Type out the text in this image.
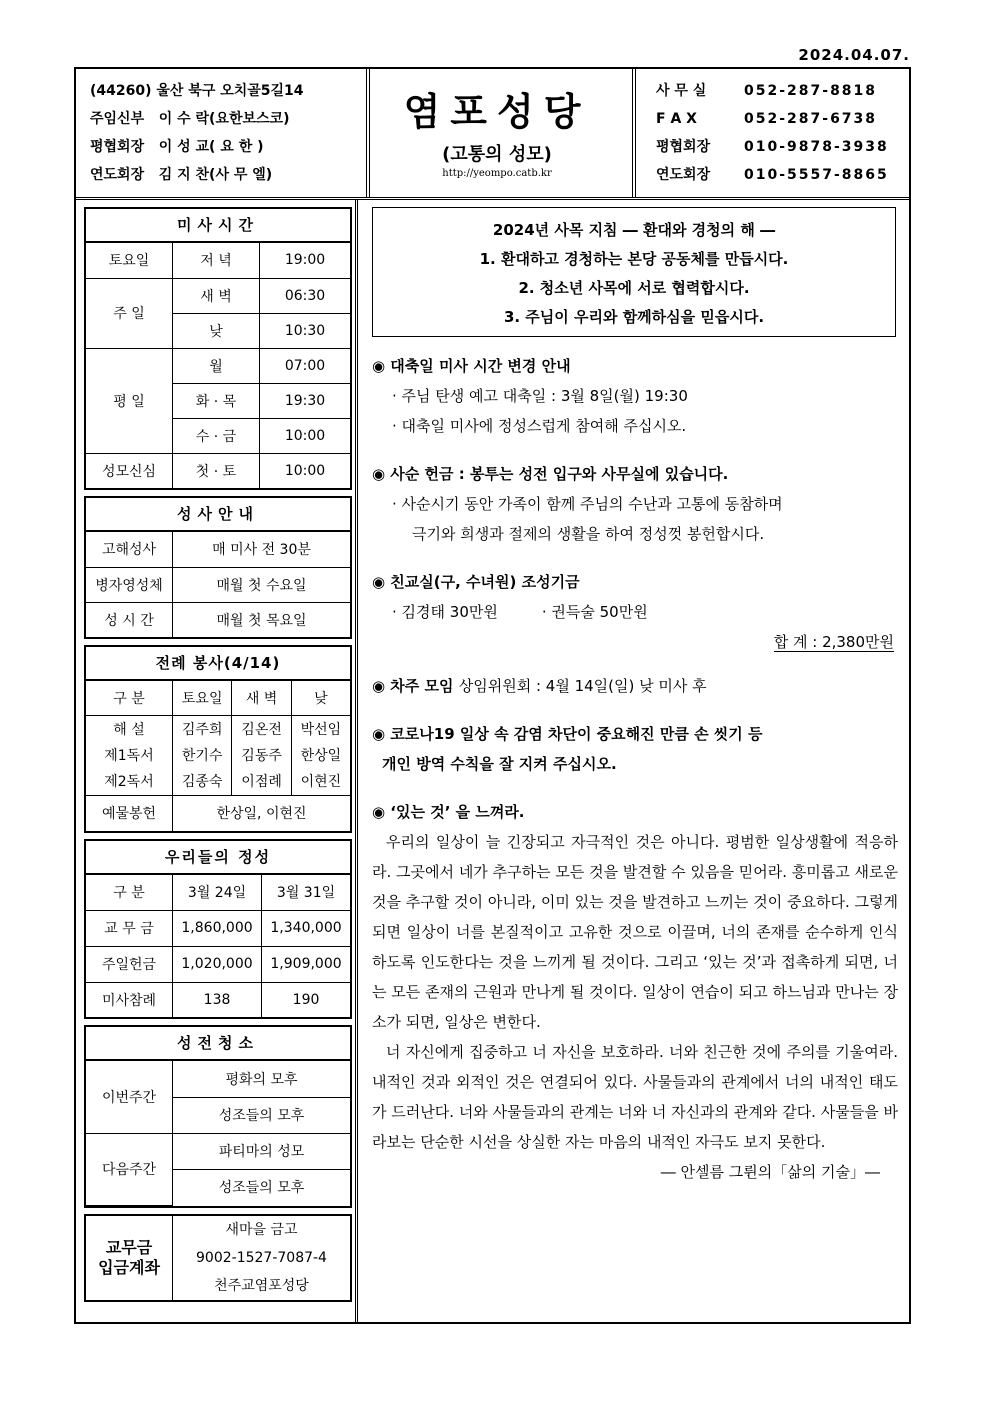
2024.04.07.
(44260) 울산 북구 오치골5길14
주임신부 이 수 락(요한보스코)
평협회장 이 성 교( 요 한 )
연도회장 김 지 찬(사 무 엘)
염포성당
(고통의 성모)
http://yeompo.catb.kr
사 무 실	052-287-8818
F A X	052-287-6738
평협회장 010-9878-3938
연도회장 010-5557-8865
미사시간
토요일	저 녁	19:00
주 일	새 벽	06:30
	낮	10:30
평 일	월	07:00
	화 · 목	19:30
	수 · 금	10:00
성모신심	첫 · 토	10:00
성사안내
고해성사	매 미사 전 30분
병자영성체	매월 첫 수요일
성 시 간	매월 첫 목요일
전례 봉사(4/14)
구 분	토요일	새 벽	낮
해 설	김주희	김온전	박선임
제1독서	한기수	김동주	한상일
제2독서	김종숙	이점례	이현진
예물봉헌	한상일, 이현진		
우리들의 정성
구 분	3월 24일	3월 31일
교 무 금	1,860,000	1,340,000
주일헌금	1,020,000	1,909,000
미사참례	138	190
성전청소
이번주간	평화의 모후
	성조들의 모후
다음주간	파티마의 성모
	성조들의 모후
교무금
입금계좌

새마을 금고
9002-1527-7087-4
천주교염포성당
2024년 사목 지침 ― 환대와 경청의 해 ―
1. 환대하고 경청하는 본당 공동체를 만듭시다.
2. 청소년 사목에 서로 협력합시다.
3. 주님이 우리와 함께하심을 믿읍시다.
◉ 대축일 미사 시간 변경 안내
· 주님 탄생 예고 대축일 : 3월 8일(월) 19:30
· 대축일 미사에 정성스럽게 참여해 주십시오.
◉ 사순 헌금 : 봉투는 성전 입구와 사무실에 있습니다.
· 사순시기 동안 가족이 함께 주님의 수난과 고통에 동참하며
극기와 희생과 절제의 생활을 하여 정성껏 봉헌합시다.
◉ 친교실(구, 수녀원) 조성기금
· 김경태 30만원	· 권득술 50만원
합 계 : 2,380만원
◉ 차주 모임 상임위원회 : 4월 14일(일) 낮 미사 후
◉ 코로나19 일상 속 감염 차단이 중요해진 만큼 손 씻기 등
개인 방역 수칙을 잘 지켜 주십시오.
◉ ‘있는 것’ 을 느껴라.
우리의 일상이 늘 긴장되고 자극적인 것은 아니다. 평범한 일상생활에 적응하라. 그곳에서 네가 추구하는 모든 것을 발견할 수 있음을 믿어라. 흥미롭고 새로운 것을 추구할 것이 아니라, 이미 있는 것을 발견하고 느끼는 것이 중요하다. 그렇게 되면 일상이 너를 본질적이고 고유한 것으로 이끌며, 너의 존재를 순수하게 인식하도록 인도한다는 것을 느끼게 될 것이다. 그리고 ‘있는 것’과 접촉하게 되면, 너는 모든 존재의 근원과 만나게 될 것이다. 일상이 연습이 되고 하느님과 만나는 장소가 되면, 일상은 변한다.
너 자신에게 집중하고 너 자신을 보호하라. 너와 친근한 것에 주의를 기울여라. 내적인 것과 외적인 것은 연결되어 있다. 사물들과의 관계에서 너의 내적인 태도가 드러난다. 너와 사물들과의 관계는 너와 너 자신과의 관계와 같다. 사물들을 바라보는 단순한 시선을 상실한 자는 마음의 내적인 자극도 보지 못한다.
― 안셀름 그륀의「삶의 기술」―
